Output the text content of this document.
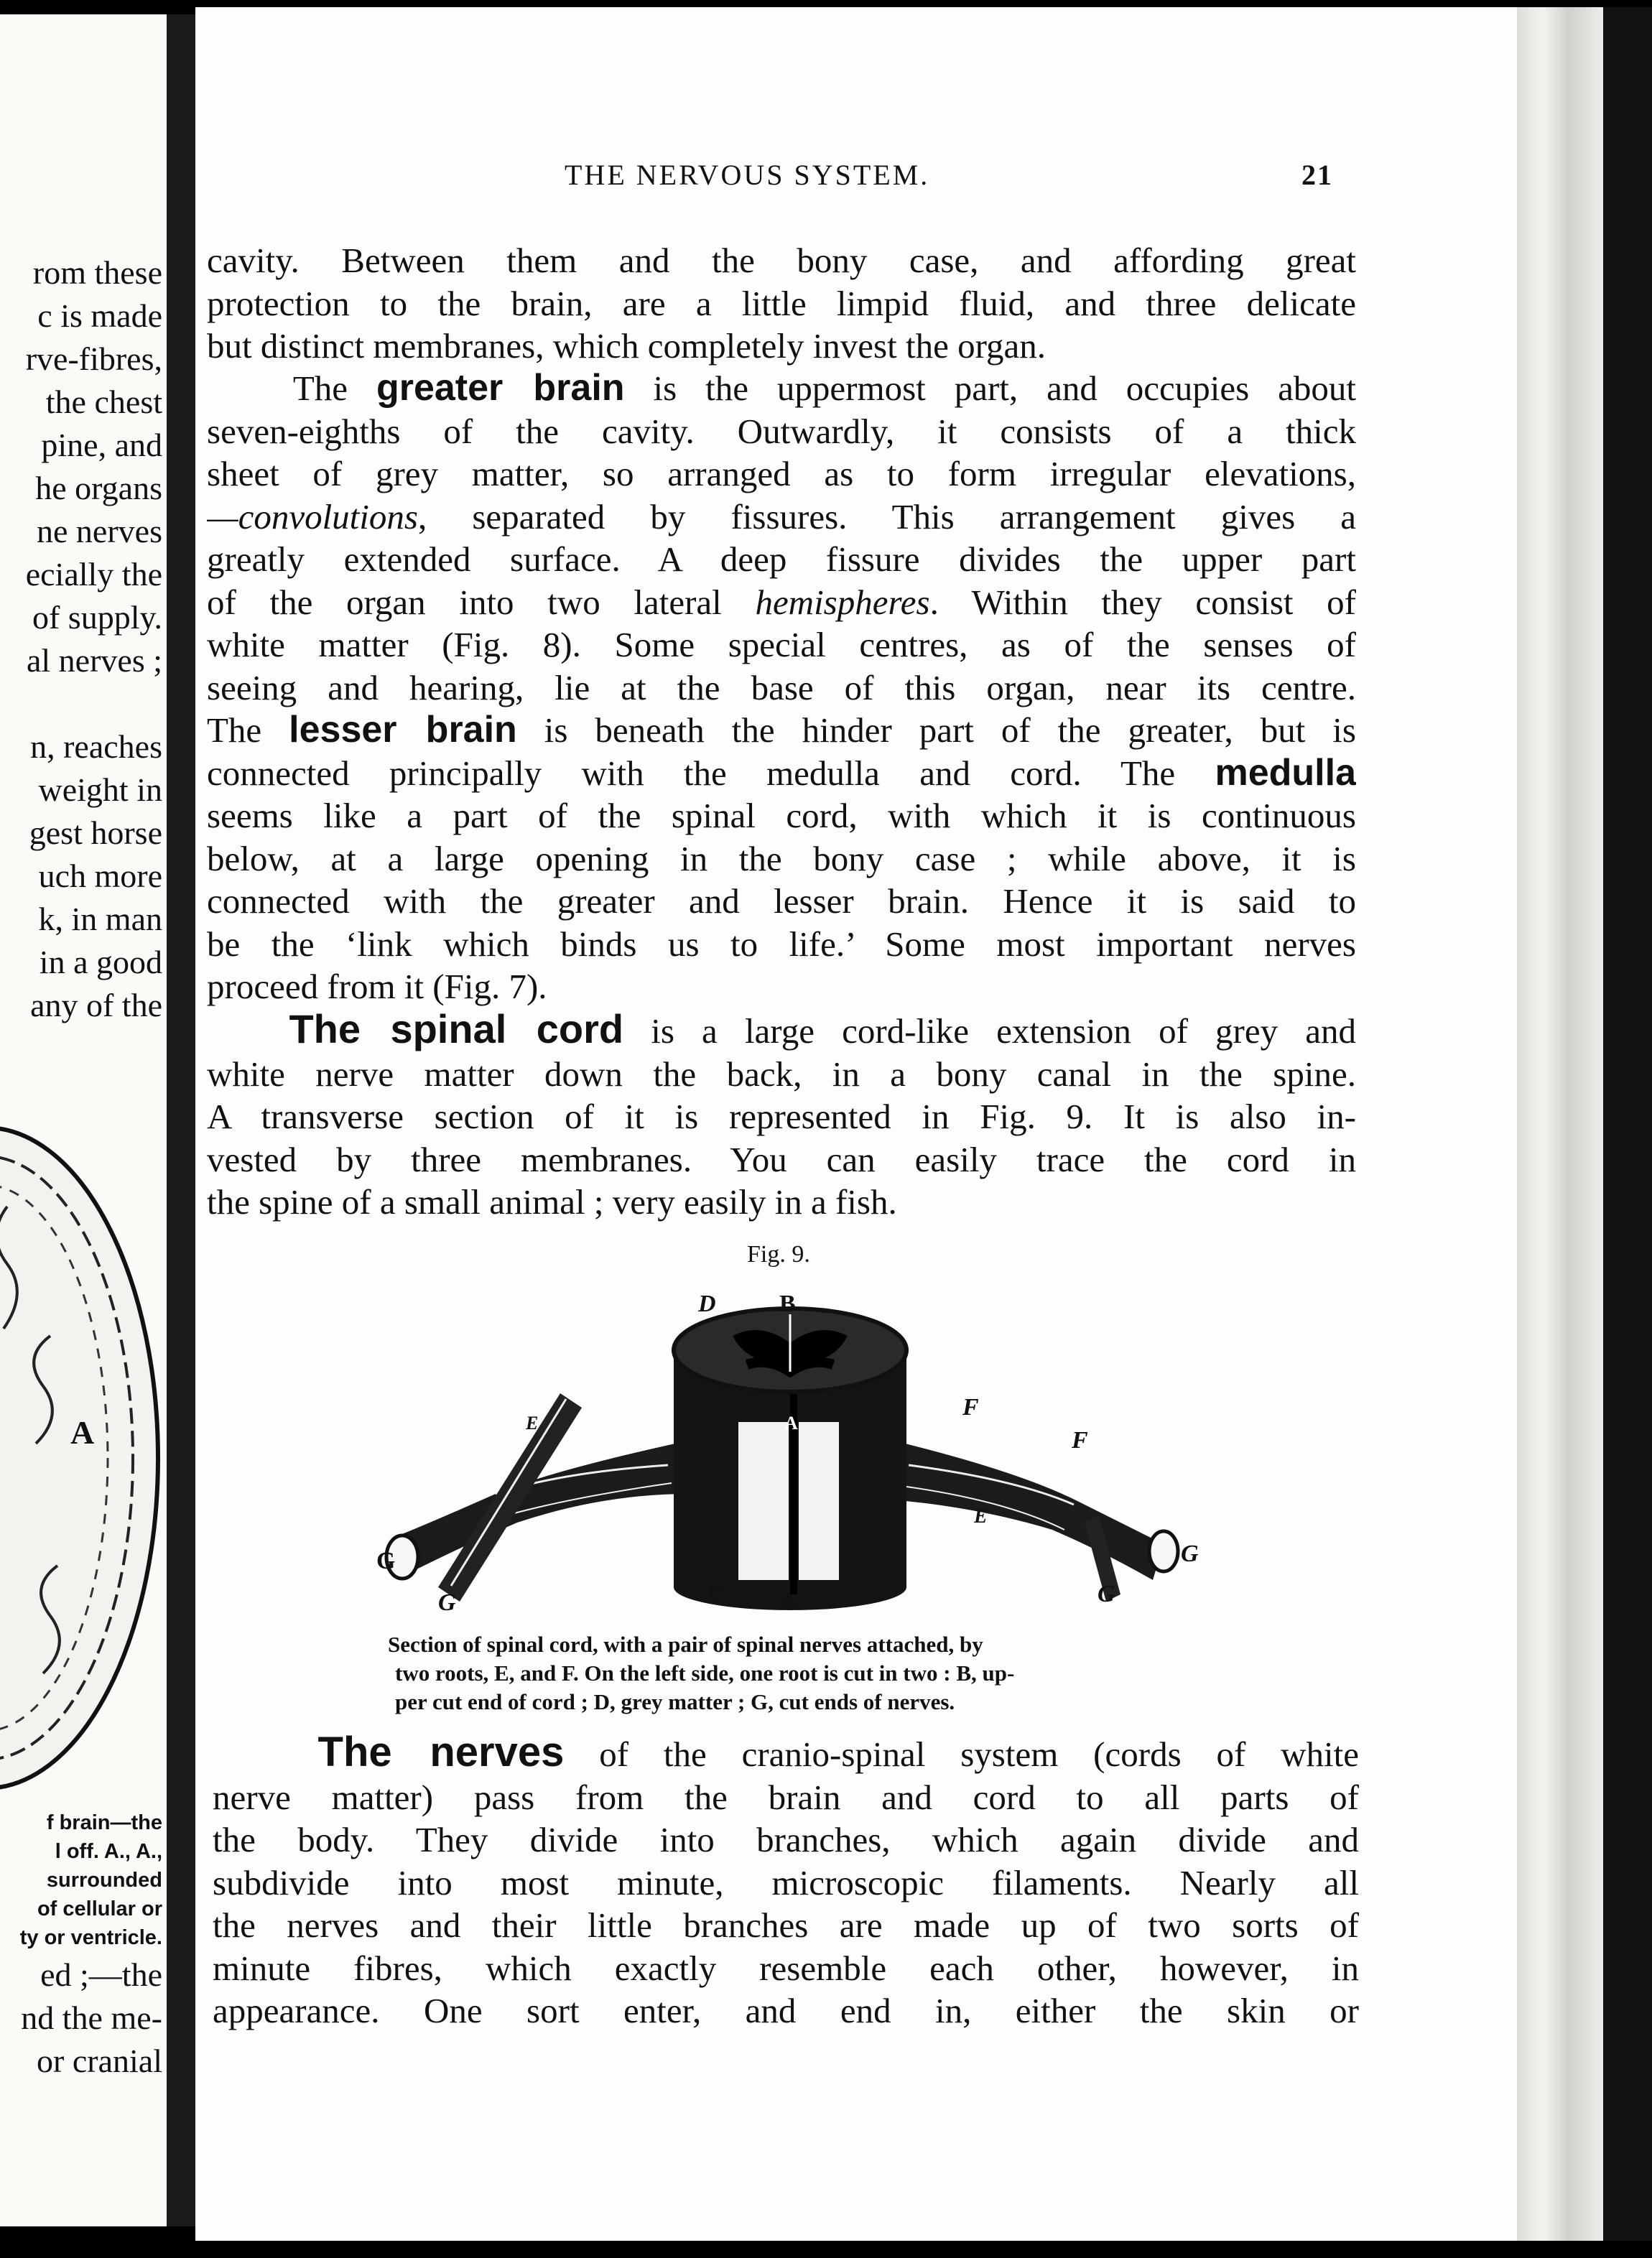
rom these
c is made
rve-fibres,
the chest
pine, and
he organs
ne nerves
ecially the
of supply.
al nerves ;
n, reaches
weight in
gest horse
uch more
k, in man
in a good
any of the
A
f brain—the
l off. A., A.,
surrounded
of cellular or
ty or ventricle.
ed ;—the
nd the me-
or cranial
THE NERVOUS SYSTEM.	21
cavity. Between them and the bony case, and affording great
protection to the brain, are a little limpid fluid, and three delicate
but distinct membranes, which completely invest the organ.
The greater brain is the uppermost part, and occupies about
seven-eighths of the cavity. Outwardly, it consists of a thick
sheet of grey matter, so arranged as to form irregular elevations,
—convolutions, separated by fissures. This arrangement gives a
greatly extended surface. A deep fissure divides the upper part
of the organ into two lateral hemispheres. Within they consist of
white matter (Fig. 8). Some special centres, as of the senses of
seeing and hearing, lie at the base of this organ, near its centre.
The lesser brain is beneath the hinder part of the greater, but is
connected principally with the medulla and cord. The medulla
seems like a part of the spinal cord, with which it is continuous
below, at a large opening in the bony case ; while above, it is
connected with the greater and lesser brain. Hence it is said to
be the ‘link which binds us to life.’ Some most important nerves
proceed from it (Fig. 7).
The spinal cord is a large cord-like extension of grey and
white nerve matter down the back, in a bony canal in the spine.
A transverse section of it is represented in Fig. 9. It is also in-
vested by three membranes. You can easily trace the cord in
the spine of a small animal ; very easily in a fish.
Fig. 9.
D	B
A
E
F
F
E
G
G
G
G
C	A
Section of spinal cord, with a pair of spinal nerves attached, by
two roots, E, and F. On the left side, one root is cut in two : B, up-
per cut end of cord ; D, grey matter ; G, cut ends of nerves.
The nerves of the cranio-spinal system (cords of white
nerve matter) pass from the brain and cord to all parts of
the body. They divide into branches, which again divide and
subdivide into most minute, microscopic filaments. Nearly all
the nerves and their little branches are made up of two sorts of
minute fibres, which exactly resemble each other, however, in
appearance. One sort enter, and end in, either the skin or
